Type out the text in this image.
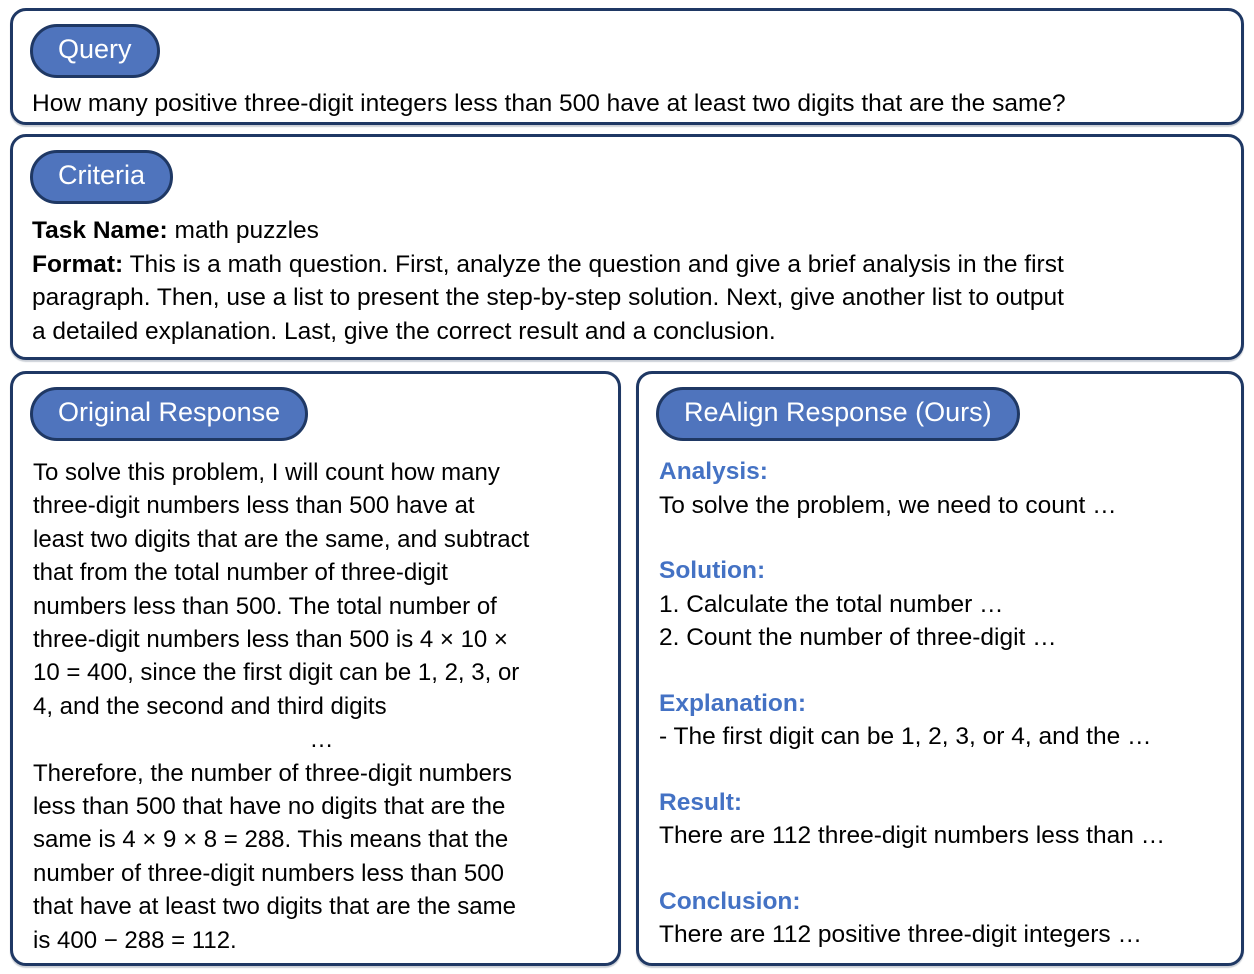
Query
How many positive three-digit integers less than 500 have at least two digits that are the same?
Criteria
Task Name: math puzzles
Format: This is a math question. First, analyze the question and give a brief analysis in the first
paragraph. Then, use a list to present the step-by-step solution. Next, give another list to output
a detailed explanation. Last, give the correct result and a conclusion.
Original Response
To solve this problem, I will count how many
three-digit numbers less than 500 have at
least two digits that are the same, and subtract
that from the total number of three-digit
numbers less than 500. The total number of
three-digit numbers less than 500 is 4 × 10 ×
10 = 400, since the first digit can be 1, 2, 3, or
4, and the second and third digits
…
Therefore, the number of three-digit numbers
less than 500 that have no digits that are the
same is 4 × 9 × 8 = 288. This means that the
number of three-digit numbers less than 500
that have at least two digits that are the same
is 400 − 288 = 112.
ReAlign Response (Ours)
Analysis:
To solve the problem, we need to count …
Solution:
1. Calculate the total number …
2. Count the number of three-digit …
Explanation:
- The first digit can be 1, 2, 3, or 4, and the …
Result:
There are 112 three-digit numbers less than …
Conclusion:
There are 112 positive three-digit integers …
